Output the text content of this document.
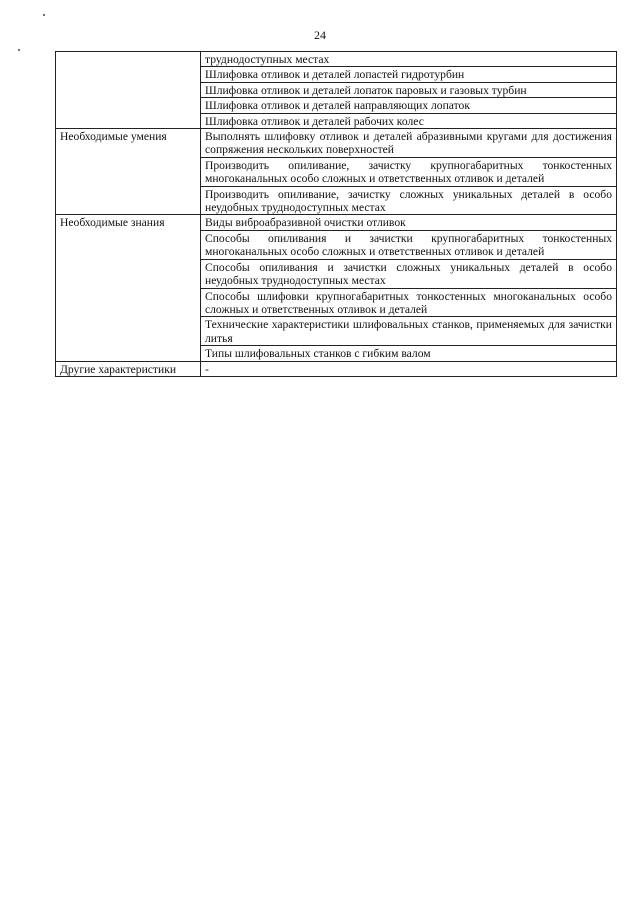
24
	труднодоступных местах
	Шлифовка отливок и деталей лопастей гидротурбин
	Шлифовка отливок и деталей лопаток паровых и газовых турбин
	Шлифовка отливок и деталей направляющих лопаток
	Шлифовка отливок и деталей рабочих колес
Необходимые умения	Выполнять шлифовку отливок и деталей абразивными кругами для достижения сопряжения нескольких поверхностей
	Производить опиливание, зачистку крупногабаритных тонкостенных многоканальных особо сложных и ответственных отливок и деталей
	Производить опиливание, зачистку сложных уникальных деталей в особо неудобных труднодоступных местах
Необходимые знания	Виды виброабразивной очистки отливок
	Способы опиливания и зачистки крупногабаритных тонкостенных многоканальных особо сложных и ответственных отливок и деталей
	Способы опиливания и зачистки сложных уникальных деталей в особо неудобных труднодоступных местах
	Способы шлифовки крупногабаритных тонкостенных многоканальных особо сложных и ответственных отливок и деталей
	Технические характеристики шлифовальных станков, применяемых для зачистки литья
	Типы шлифовальных станков с гибким валом
Другие характеристики	-
